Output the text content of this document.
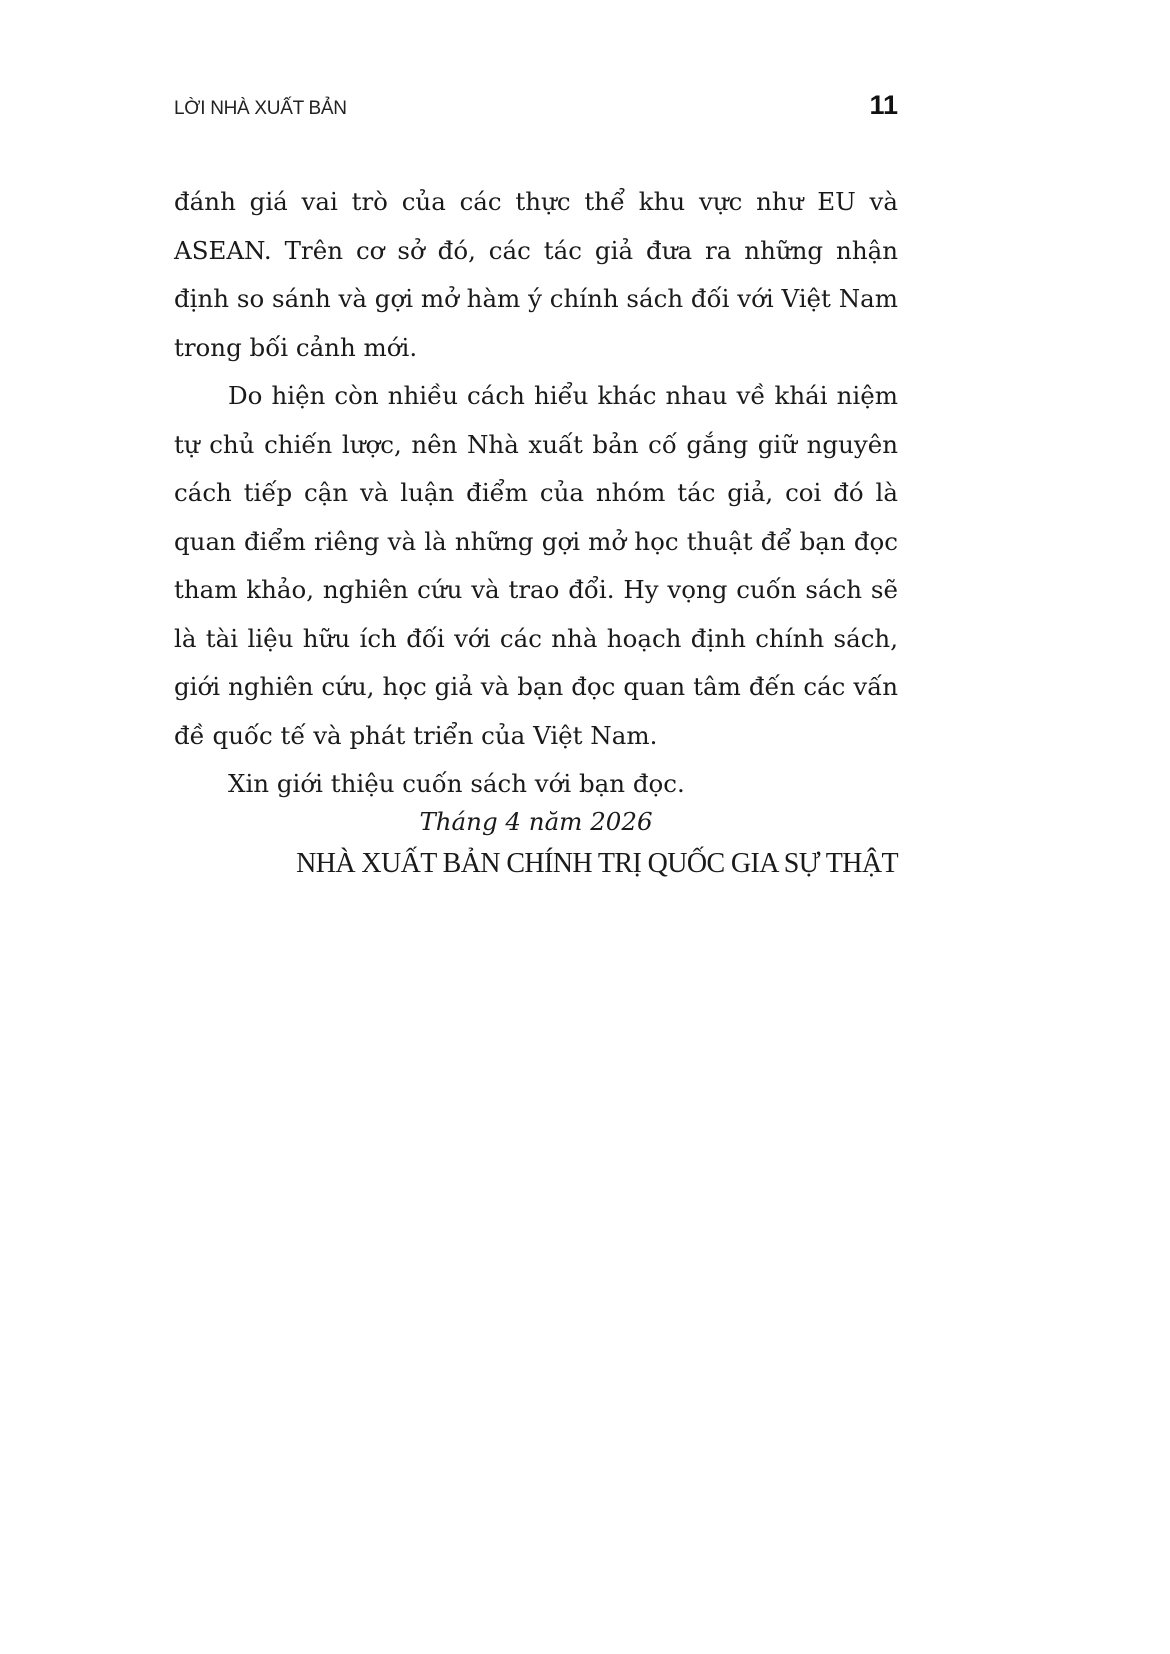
LỜI NHÀ XUẤT BẢN	11

đánh giá vai trò của các thực thể khu vực như EU và ASEAN. Trên cơ sở đó, các tác giả đưa ra những nhận định so sánh và gợi mở hàm ý chính sách đối với Việt Nam trong bối cảnh mới.

Do hiện còn nhiều cách hiểu khác nhau về khái niệm tự chủ chiến lược, nên Nhà xuất bản cố gắng giữ nguyên cách tiếp cận và luận điểm của nhóm tác giả, coi đó là quan điểm riêng và là những gợi mở học thuật để bạn đọc tham khảo, nghiên cứu và trao đổi. Hy vọng cuốn sách sẽ là tài liệu hữu ích đối với các nhà hoạch định chính sách, giới nghiên cứu, học giả và bạn đọc quan tâm đến các vấn đề quốc tế và phát triển của Việt Nam.

Xin giới thiệu cuốn sách với bạn đọc.

Tháng 4 năm 2026
NHÀ XUẤT BẢN CHÍNH TRỊ QUỐC GIA SỰ THẬT
